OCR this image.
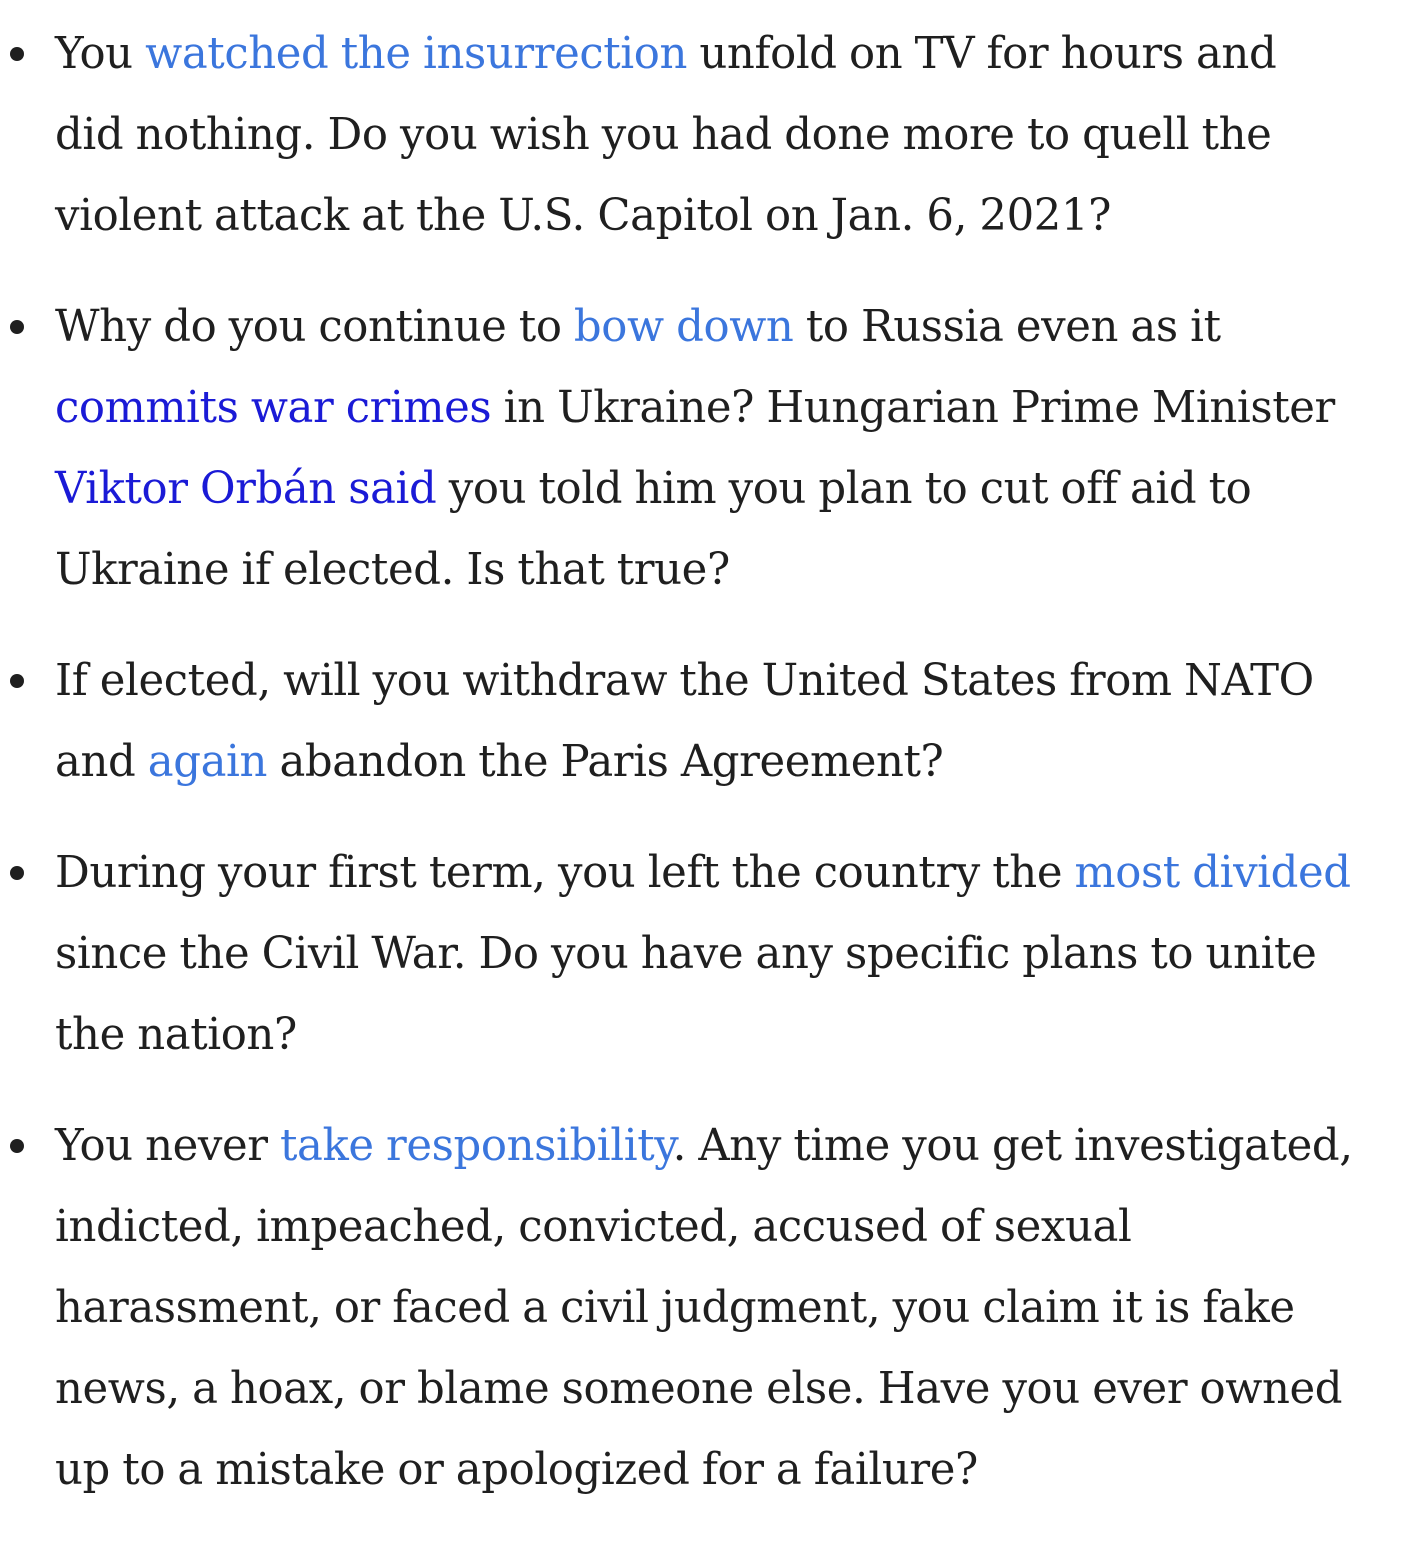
You watched the insurrection unfold on TV for hours and
did nothing. Do you wish you had done more to quell the
violent attack at the U.S. Capitol on Jan. 6, 2021?
Why do you continue to bow down to Russia even as it
commits war crimes in Ukraine? Hungarian Prime Minister
Viktor Orbán said you told him you plan to cut off aid to
Ukraine if elected. Is that true?
If elected, will you withdraw the United States from NATO
and again abandon the Paris Agreement?
During your first term, you left the country the most divided
since the Civil War. Do you have any specific plans to unite
the nation?
You never take responsibility. Any time you get investigated,
indicted, impeached, convicted, accused of sexual
harassment, or faced a civil judgment, you claim it is fake
news, a hoax, or blame someone else. Have you ever owned
up to a mistake or apologized for a failure?
